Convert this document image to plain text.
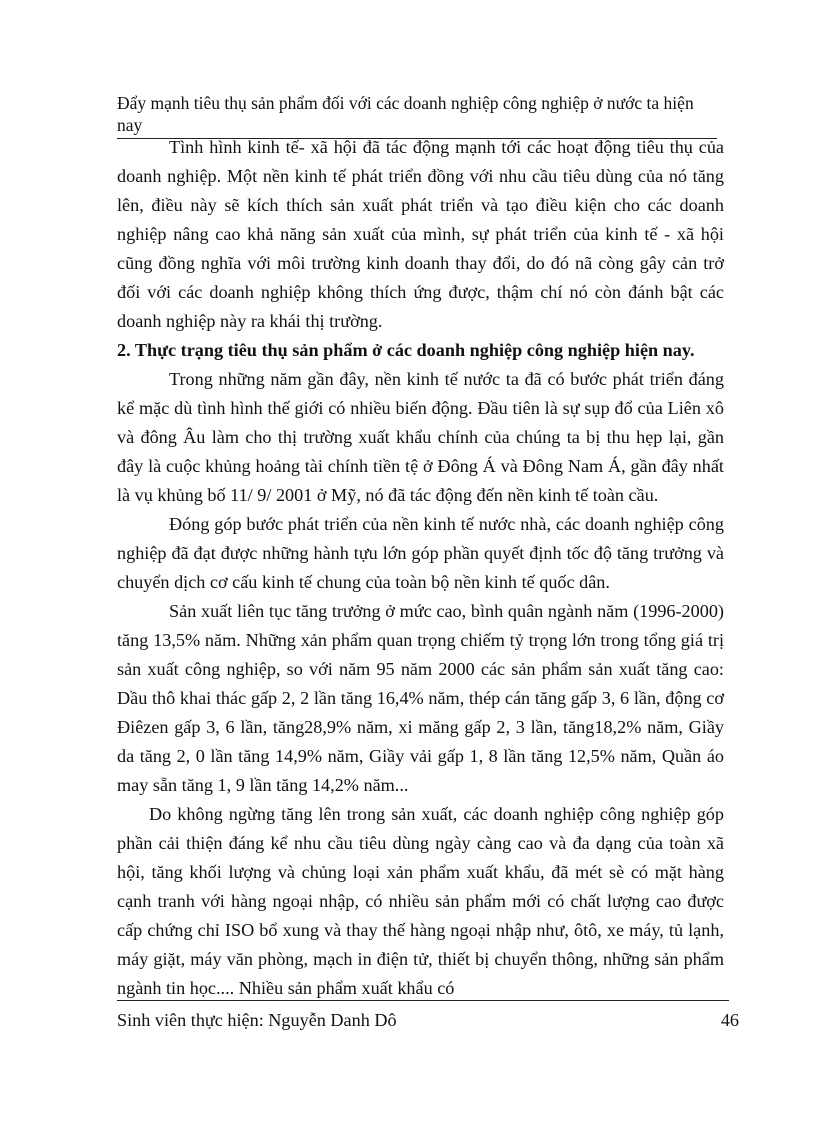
Đẩy mạnh tiêu thụ sản phẩm đối với các doanh nghiệp công nghiệp ở nước ta hiện nay

Tình hình kinh tế- xã hội đã tác động mạnh tới các hoạt động tiêu thụ của doanh nghiệp. Một nền kinh tế phát triển đồng với nhu cầu tiêu dùng của nó tăng lên, điều này sẽ kích thích sản xuất phát triển và tạo điều kiện cho các doanh nghiệp nâng cao khả năng sản xuất của mình, sự phát triển của kinh tế - xã hội cũng đồng nghĩa với môi trường kinh doanh thay đổi, do đó nã còng gây cản trở đối với các doanh nghiệp không thích ứng được, thậm chí nó còn đánh bật các doanh nghiệp này ra khái thị trường.

2. Thực trạng tiêu thụ sản phẩm ở các doanh nghiệp công nghiệp hiện nay.

Trong những năm gần đây, nền kinh tế nước ta đã có bước phát triển đáng kể mặc dù tình hình thế giới có nhiều biến động. Đầu tiên là sự sụp đổ của Liên xô và đông Âu làm cho thị trường xuất khẩu chính của chúng ta bị thu hẹp lại, gần đây là cuộc khủng hoảng tài chính tiền tệ ở Đông Á và Đông Nam Á, gần đây nhất là vụ khủng bố 11/ 9/ 2001 ở Mỹ, nó đã tác động đến nền kinh tế toàn cầu.

Đóng góp bước phát triển của nền kinh tế nước nhà, các doanh nghiệp công nghiệp đã đạt được những hành tựu lớn góp phần quyết định tốc độ tăng trưởng và chuyển dịch cơ cấu kinh tế chung của toàn bộ nền kinh tế quốc dân.

Sản xuất liên tục tăng trưởng ở mức cao, bình quân ngành năm (1996-2000) tăng 13,5% năm. Những xản phẩm quan trọng chiếm tỷ trọng lớn trong tổng giá trị sản xuất công nghiệp, so với năm 95 năm 2000 các sản phẩm sản xuất tăng cao: Dầu thô khai thác gấp 2, 2 lần tăng 16,4% năm, thép cán tăng gấp 3, 6 lần, động cơ Điêzen gấp 3, 6 lần, tăng28,9% năm, xi măng gấp 2, 3 lần, tăng18,2% năm, Giầy da tăng 2, 0 lần tăng 14,9% năm, Giầy vải gấp 1, 8 lần tăng 12,5% năm, Quần áo may sẵn tăng 1, 9 lần tăng 14,2% năm...

Do không ngừng tăng lên trong sản xuất, các doanh nghiệp công nghiệp góp phần cải thiện đáng kể nhu cầu tiêu dùng ngày càng cao và đa dạng của toàn xã hội, tăng khối lượng và chủng loại xản phẩm xuất khẩu, đã mét sè có mặt hàng cạnh tranh với hàng ngoại nhập, có nhiều sản phẩm mới có chất lượng cao được cấp chứng chỉ ISO bổ xung và thay thế hàng ngoại nhập như, ôtô, xe máy, tủ lạnh, máy giặt, máy văn phòng, mạch in điện tử, thiết bị chuyển thông, những sản phẩm ngành tin học.... Nhiều sản phẩm xuất khẩu có

Sinh viên thực hiện: Nguyễn Danh Dô	46
